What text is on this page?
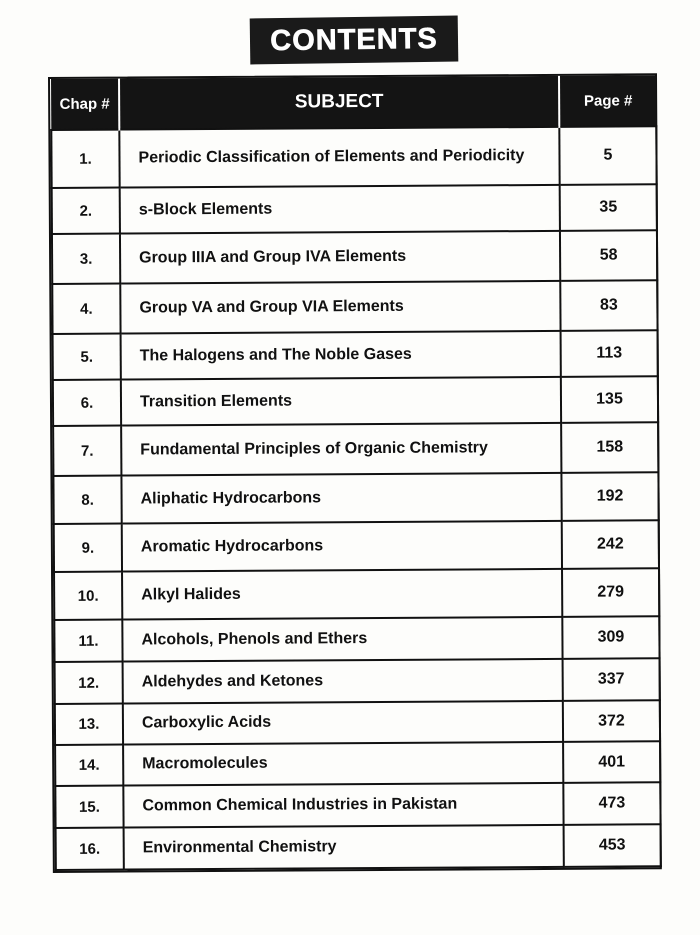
CONTENTS
Chap #	SUBJECT	Page #
1.	Periodic Classification of Elements and Periodicity	5
2.	s-Block Elements	35
3.	Group IIIA and Group IVA Elements	58
4.	Group VA and Group VIA Elements	83
5.	The Halogens and The Noble Gases	113
6.	Transition Elements	135
7.	Fundamental Principles of Organic Chemistry	158
8.	Aliphatic Hydrocarbons	192
9.	Aromatic Hydrocarbons	242
10.	Alkyl Halides	279
11.	Alcohols, Phenols and Ethers	309
12.	Aldehydes and Ketones	337
13.	Carboxylic Acids	372
14.	Macromolecules	401
15.	Common Chemical Industries in Pakistan	473
16.	Environmental Chemistry	453
